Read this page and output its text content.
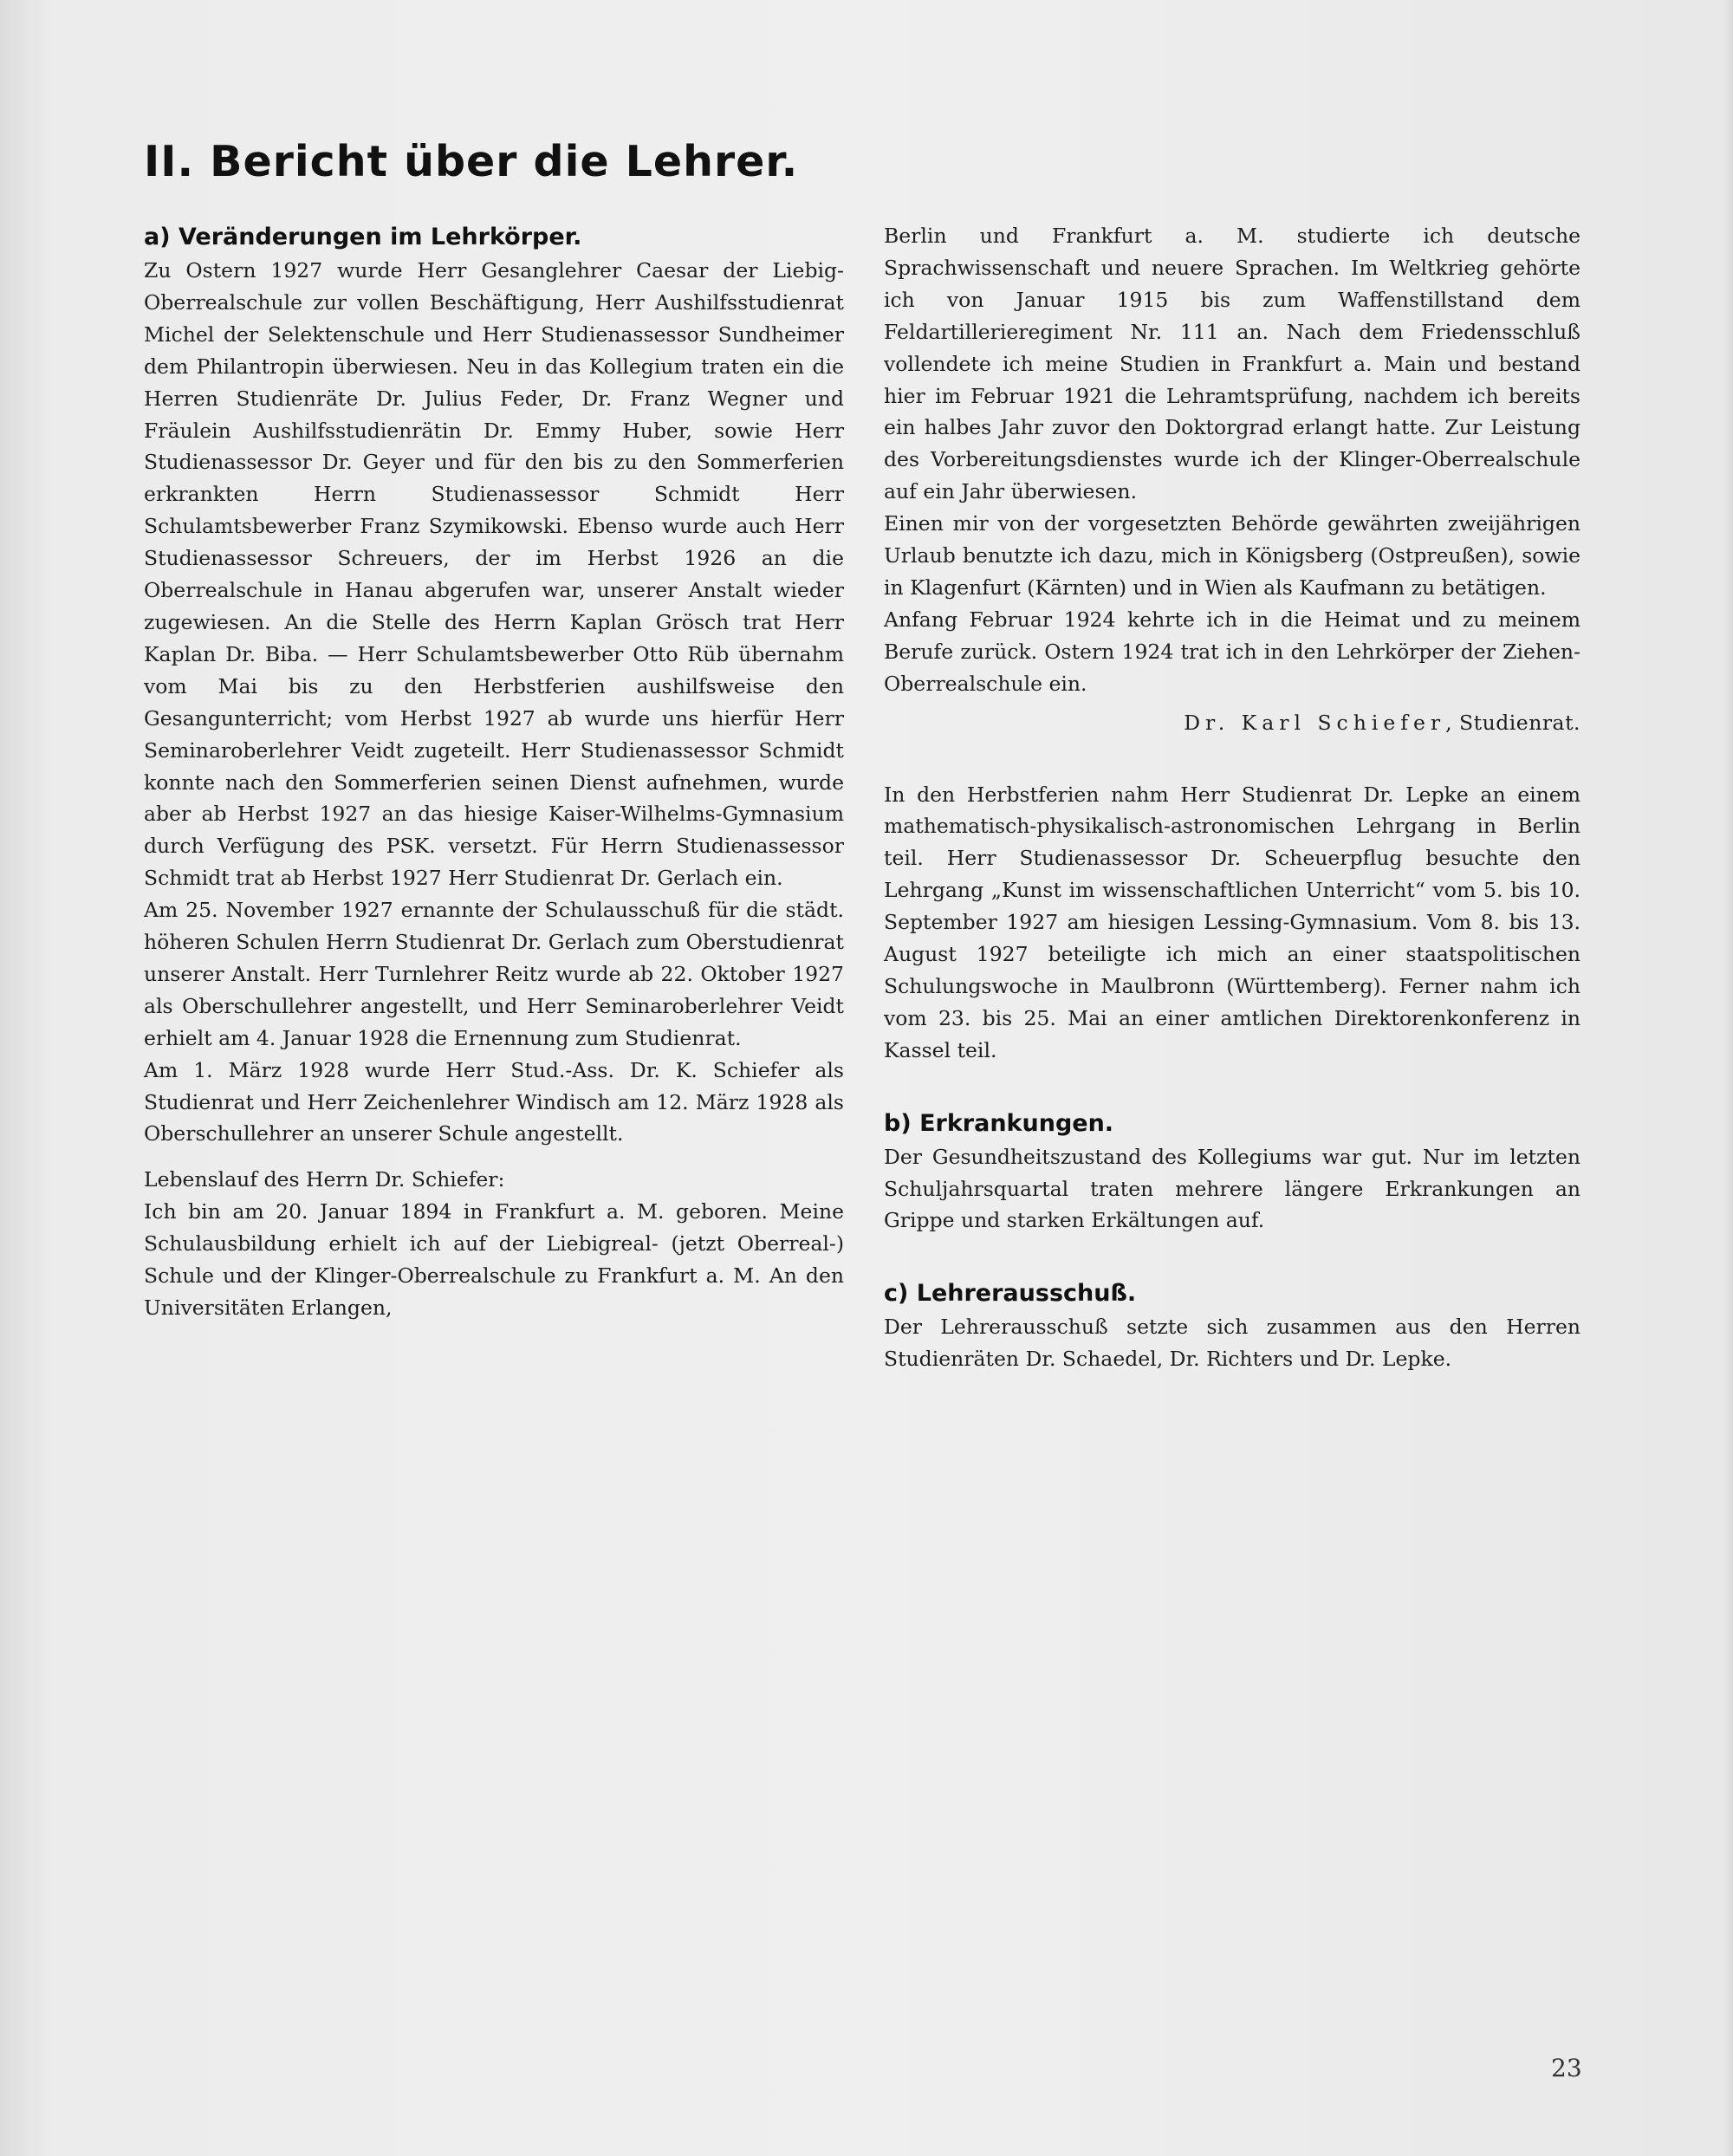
II. Bericht über die Lehrer.
a) Veränderungen im Lehrkörper.

Zu Ostern 1927 wurde Herr Gesanglehrer Caesar der Liebig-Oberrealschule zur vollen Beschäftigung, Herr Aushilfsstudienrat Michel der Selektenschule und Herr Studienassessor Sundheimer dem Philantropin überwiesen. Neu in das Kollegium traten ein die Herren Studienräte Dr. Julius Feder, Dr. Franz Wegner und Fräulein Aushilfsstudienrätin Dr. Emmy Huber, sowie Herr Studienassessor Dr. Geyer und für den bis zu den Sommerferien erkrankten Herrn Studienassessor Schmidt Herr Schulamtsbewerber Franz Szymikowski. Ebenso wurde auch Herr Studienassessor Schreuers, der im Herbst 1926 an die Oberrealschule in Hanau abgerufen war, unserer Anstalt wieder zugewiesen. An die Stelle des Herrn Kaplan Grösch trat Herr Kaplan Dr. Biba. — Herr Schulamtsbewerber Otto Rüb übernahm vom Mai bis zu den Herbstferien aushilfsweise den Gesangunterricht; vom Herbst 1927 ab wurde uns hierfür Herr Seminaroberlehrer Veidt zugeteilt. Herr Studienassessor Schmidt konnte nach den Sommerferien seinen Dienst aufnehmen, wurde aber ab Herbst 1927 an das hiesige Kaiser-Wilhelms-Gymnasium durch Verfügung des PSK. versetzt. Für Herrn Studienassessor Schmidt trat ab Herbst 1927 Herr Studienrat Dr. Gerlach ein.

Am 25. November 1927 ernannte der Schulausschuß für die städt. höheren Schulen Herrn Studienrat Dr. Gerlach zum Oberstudienrat unserer Anstalt. Herr Turnlehrer Reitz wurde ab 22. Oktober 1927 als Oberschullehrer angestellt, und Herr Seminaroberlehrer Veidt erhielt am 4. Januar 1928 die Ernennung zum Studienrat.

Am 1. März 1928 wurde Herr Stud.-Ass. Dr. K. Schiefer als Studienrat und Herr Zeichenlehrer Windisch am 12. März 1928 als Oberschullehrer an unserer Schule angestellt.

Lebenslauf des Herrn Dr. Schiefer:

Ich bin am 20. Januar 1894 in Frankfurt a. M. geboren. Meine Schulausbildung erhielt ich auf der Liebigreal- (jetzt Oberreal-) Schule und der Klinger-Oberrealschule zu Frankfurt a. M. An den Universitäten Erlangen,

Berlin und Frankfurt a. M. studierte ich deutsche Sprachwissenschaft und neuere Sprachen. Im Weltkrieg gehörte ich von Januar 1915 bis zum Waffenstillstand dem Feldartillerieregiment Nr. 111 an. Nach dem Friedensschluß vollendete ich meine Studien in Frankfurt a. Main und bestand hier im Februar 1921 die Lehramtsprüfung, nachdem ich bereits ein halbes Jahr zuvor den Doktorgrad erlangt hatte. Zur Leistung des Vorbereitungsdienstes wurde ich der Klinger-Oberrealschule auf ein Jahr überwiesen.

Einen mir von der vorgesetzten Behörde gewährten zweijährigen Urlaub benutzte ich dazu, mich in Königsberg (Ostpreußen), sowie in Klagenfurt (Kärnten) und in Wien als Kaufmann zu betätigen.

Anfang Februar 1924 kehrte ich in die Heimat und zu meinem Berufe zurück. Ostern 1924 trat ich in den Lehrkörper der Ziehen-Oberrealschule ein.

Dr. Karl Schiefer, Studienrat.

In den Herbstferien nahm Herr Studienrat Dr. Lepke an einem mathematisch-physikalisch-astronomischen Lehrgang in Berlin teil. Herr Studienassessor Dr. Scheuerpflug besuchte den Lehrgang „Kunst im wissenschaftlichen Unterricht“ vom 5. bis 10. September 1927 am hiesigen Lessing-Gymnasium. Vom 8. bis 13. August 1927 beteiligte ich mich an einer staatspolitischen Schulungswoche in Maulbronn (Württemberg). Ferner nahm ich vom 23. bis 25. Mai an einer amtlichen Direktorenkonferenz in Kassel teil.

b) Erkrankungen.

Der Gesundheitszustand des Kollegiums war gut. Nur im letzten Schuljahrsquartal traten mehrere längere Erkrankungen an Grippe und starken Erkältungen auf.

c) Lehrerausschuß.

Der Lehrerausschuß setzte sich zusammen aus den Herren Studienräten Dr. Schaedel, Dr. Richters und Dr. Lepke.

23
